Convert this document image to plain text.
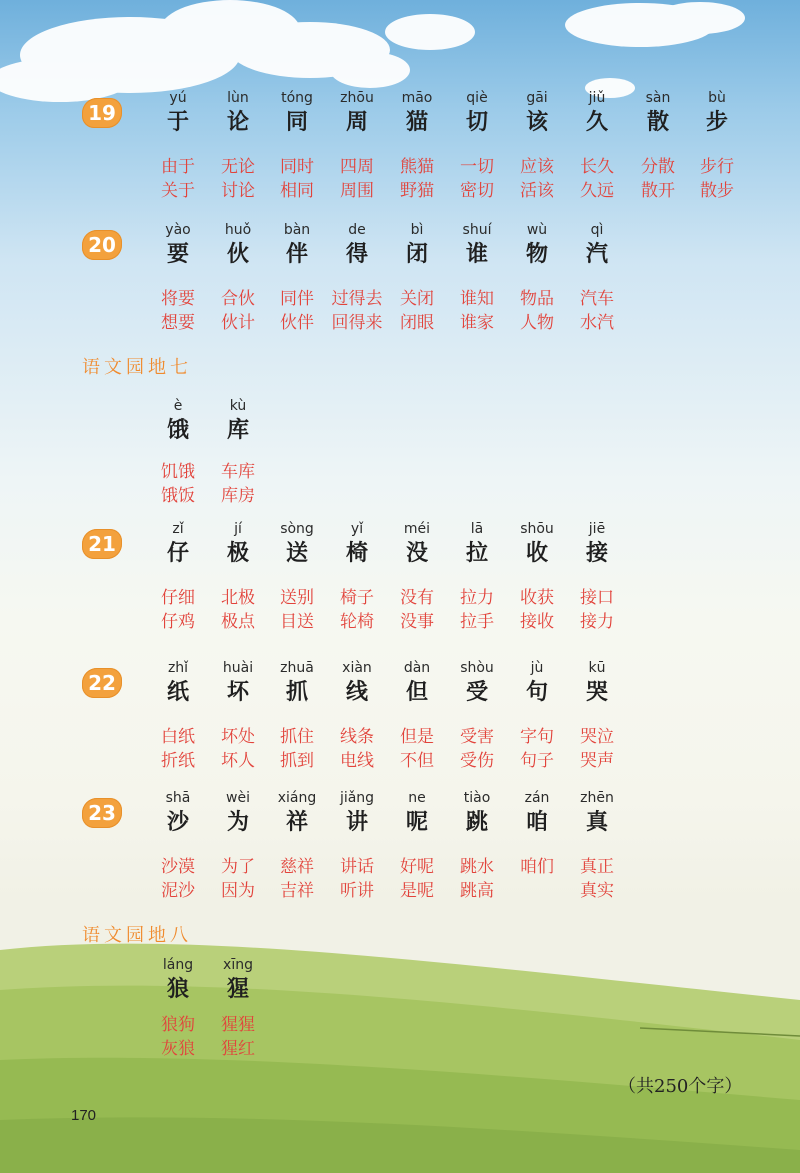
（共250个字）
170
19
yú
于
由于
关于
lùn
论
无论
讨论
tóng
同
同时
相同
zhōu
周
四周
周围
māo
猫
熊猫
野猫
qiè
切
一切
密切
gāi
该
应该
活该
jiǔ
久
长久
久远
sàn
散
分散
散开
bù
步
步行
散步
20
yào
要
将要
想要
huǒ
伙
合伙
伙计
bàn
伴
同伴
伙伴
de
得
过得去
回得来
bì
闭
关闭
闭眼
shuí
谁
谁知
谁家
wù
物
物品
人物
qì
汽
汽车
水汽
语文园地七
è
饿
饥饿
饿饭
kù
库
车库
库房
21
zǐ
仔
仔细
仔鸡
jí
极
北极
极点
sòng
送
送别
目送
yǐ
椅
椅子
轮椅
méi
没
没有
没事
lā
拉
拉力
拉手
shōu
收
收获
接收
jiē
接
接口
接力
22
zhǐ
纸
白纸
折纸
huài
坏
坏处
坏人
zhuā
抓
抓住
抓到
xiàn
线
线条
电线
dàn
但
但是
不但
shòu
受
受害
受伤
jù
句
字句
句子
kū
哭
哭泣
哭声
23
shā
沙
沙漠
泥沙
wèi
为
为了
因为
xiáng
祥
慈祥
吉祥
jiǎng
讲
讲话
听讲
ne
呢
好呢
是呢
tiào
跳
跳水
跳高
zán
咱
咱们
zhēn
真
真正
真实
语文园地八
láng
狼
狼狗
灰狼
xīng
猩
猩猩
猩红
